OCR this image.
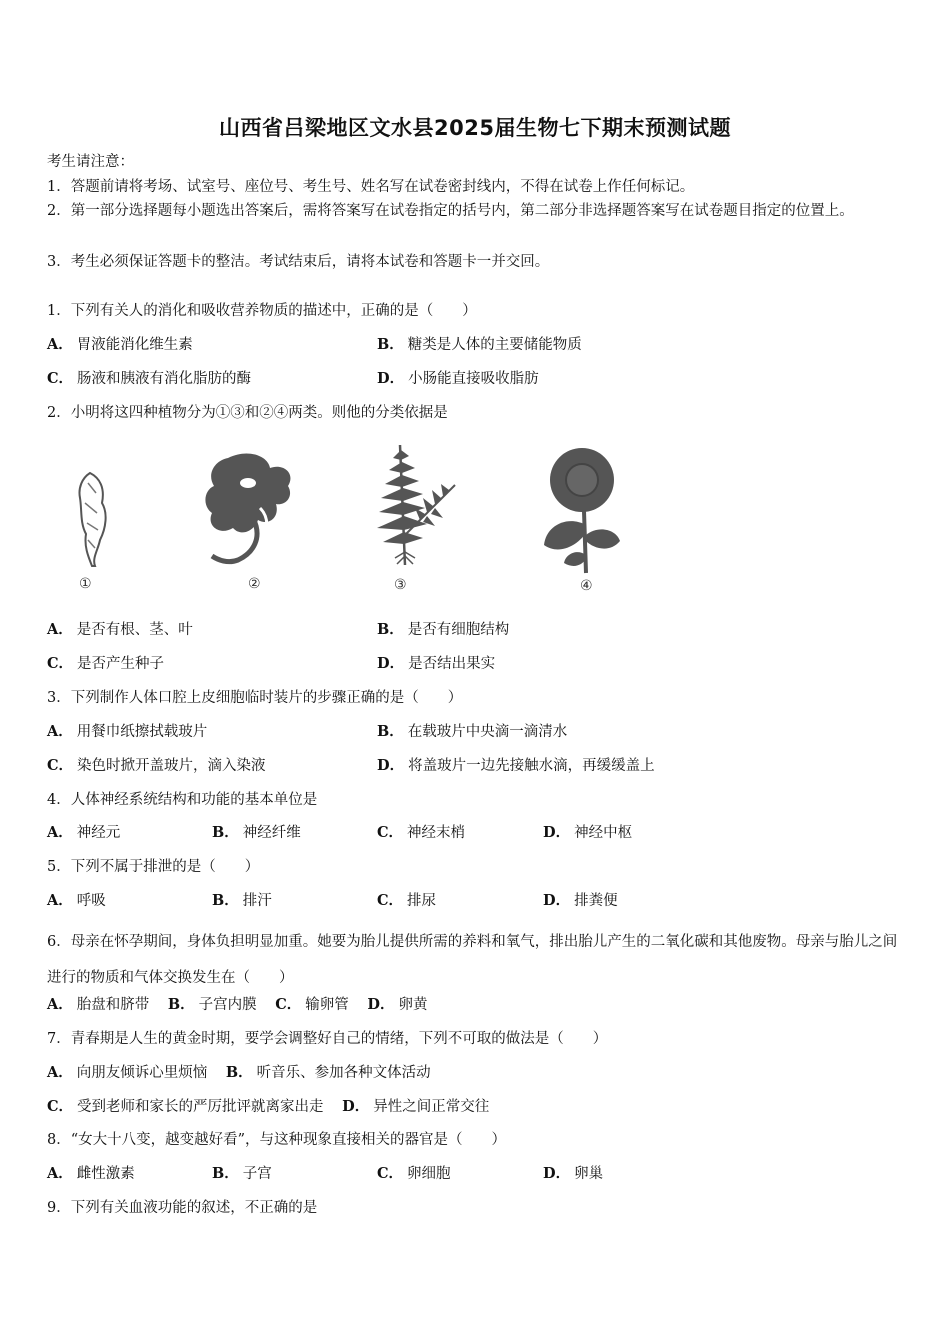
山西省吕梁地区文水县2025届生物七下期末预测试题
考生请注意：
1．答题前请将考场、试室号、座位号、考生号、姓名写在试卷密封线内，不得在试卷上作任何标记。
2．第一部分选择题每小题选出答案后，需将答案写在试卷指定的括号内，第二部分非选择题答案写在试卷题目指定的位置上。
3．考生必须保证答题卡的整洁。考试结束后，请将本试卷和答题卡一并交回。
1．下列有关人的消化和吸收营养物质的描述中，正确的是（　　）
A． 胃液能消化维生素	B． 糖类是人体的主要储能物质
C． 肠液和胰液有消化脂肪的酶	D． 小肠能直接吸收脂肪
2．小明将这四种植物分为①③和②④两类。则他的分类依据是
①	②	③	④
A． 是否有根、茎、叶	B． 是否有细胞结构
C． 是否产生种子	D． 是否结出果实
3．下列制作人体口腔上皮细胞临时装片的步骤正确的是（　　）
A． 用餐巾纸擦拭载玻片	B． 在载玻片中央滴一滴清水
C． 染色时掀开盖玻片，滴入染液	D． 将盖玻片一边先接触水滴，再缓缓盖上
4．人体神经系统结构和功能的基本单位是
A． 神经元	B． 神经纤维	C． 神经末梢	D． 神经中枢
5．下列不属于排泄的是（　　）
A． 呼吸	B． 排汗	C． 排尿	D． 排粪便
6．母亲在怀孕期间，身体负担明显加重。她要为胎儿提供所需的养料和氧气，排出胎儿产生的二氧化碳和其他废物。母亲与胎儿之间进行的物质和气体交换发生在（　　）
A． 胎盘和脐带 B． 子宫内膜 C． 输卵管 D． 卵黄
7．青春期是人生的黄金时期，要学会调整好自己的情绪，下列不可取的做法是（　　）
A． 向朋友倾诉心里烦恼 B． 听音乐、参加各种文体活动
C． 受到老师和家长的严厉批评就离家出走 D． 异性之间正常交往
8．“女大十八变，越变越好看”，与这种现象直接相关的器官是（　　）
A． 雌性激素	B． 子宫	C． 卵细胞	D． 卵巢
9．下列有关血液功能的叙述，不正确的是
